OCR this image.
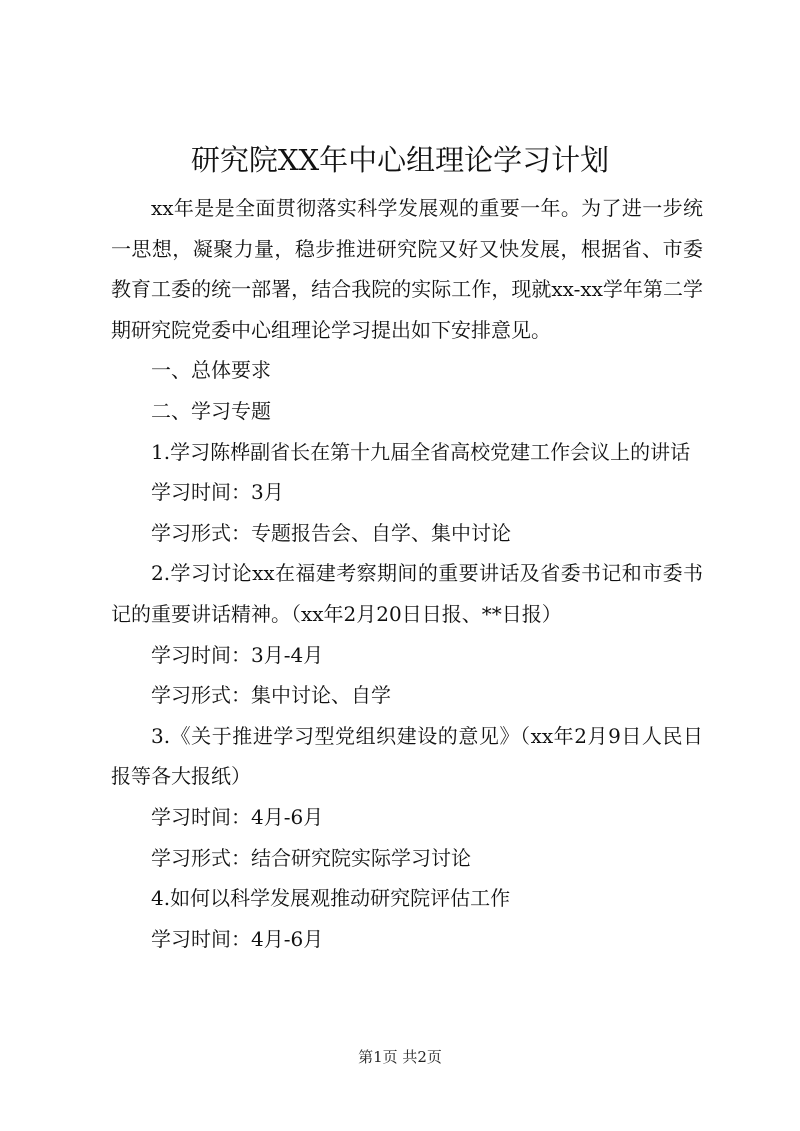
研究院XX年中心组理论学习计划

xx年是是全面贯彻落实科学发展观的重要一年。为了进一步统一思想，凝聚力量，稳步推进研究院又好又快发展，根据省、市委教育工委的统一部署，结合我院的实际工作，现就xx-xx学年第二学期研究院党委中心组理论学习提出如下安排意见。

一、总体要求

二、学习专题

1.学习陈桦副省长在第十九届全省高校党建工作会议上的讲话

学习时间：3月

学习形式：专题报告会、自学、集中讨论

2.学习讨论xx在福建考察期间的重要讲话及省委书记和市委书记的重要讲话精神。（xx年2月20日日报、**日报）

学习时间：3月-4月

学习形式：集中讨论、自学

3.《关于推进学习型党组织建设的意见》（xx年2月9日人民日报等各大报纸）

学习时间：4月-6月

学习形式：结合研究院实际学习讨论

4.如何以科学发展观推动研究院评估工作

学习时间：4月-6月

第1页 共2页
